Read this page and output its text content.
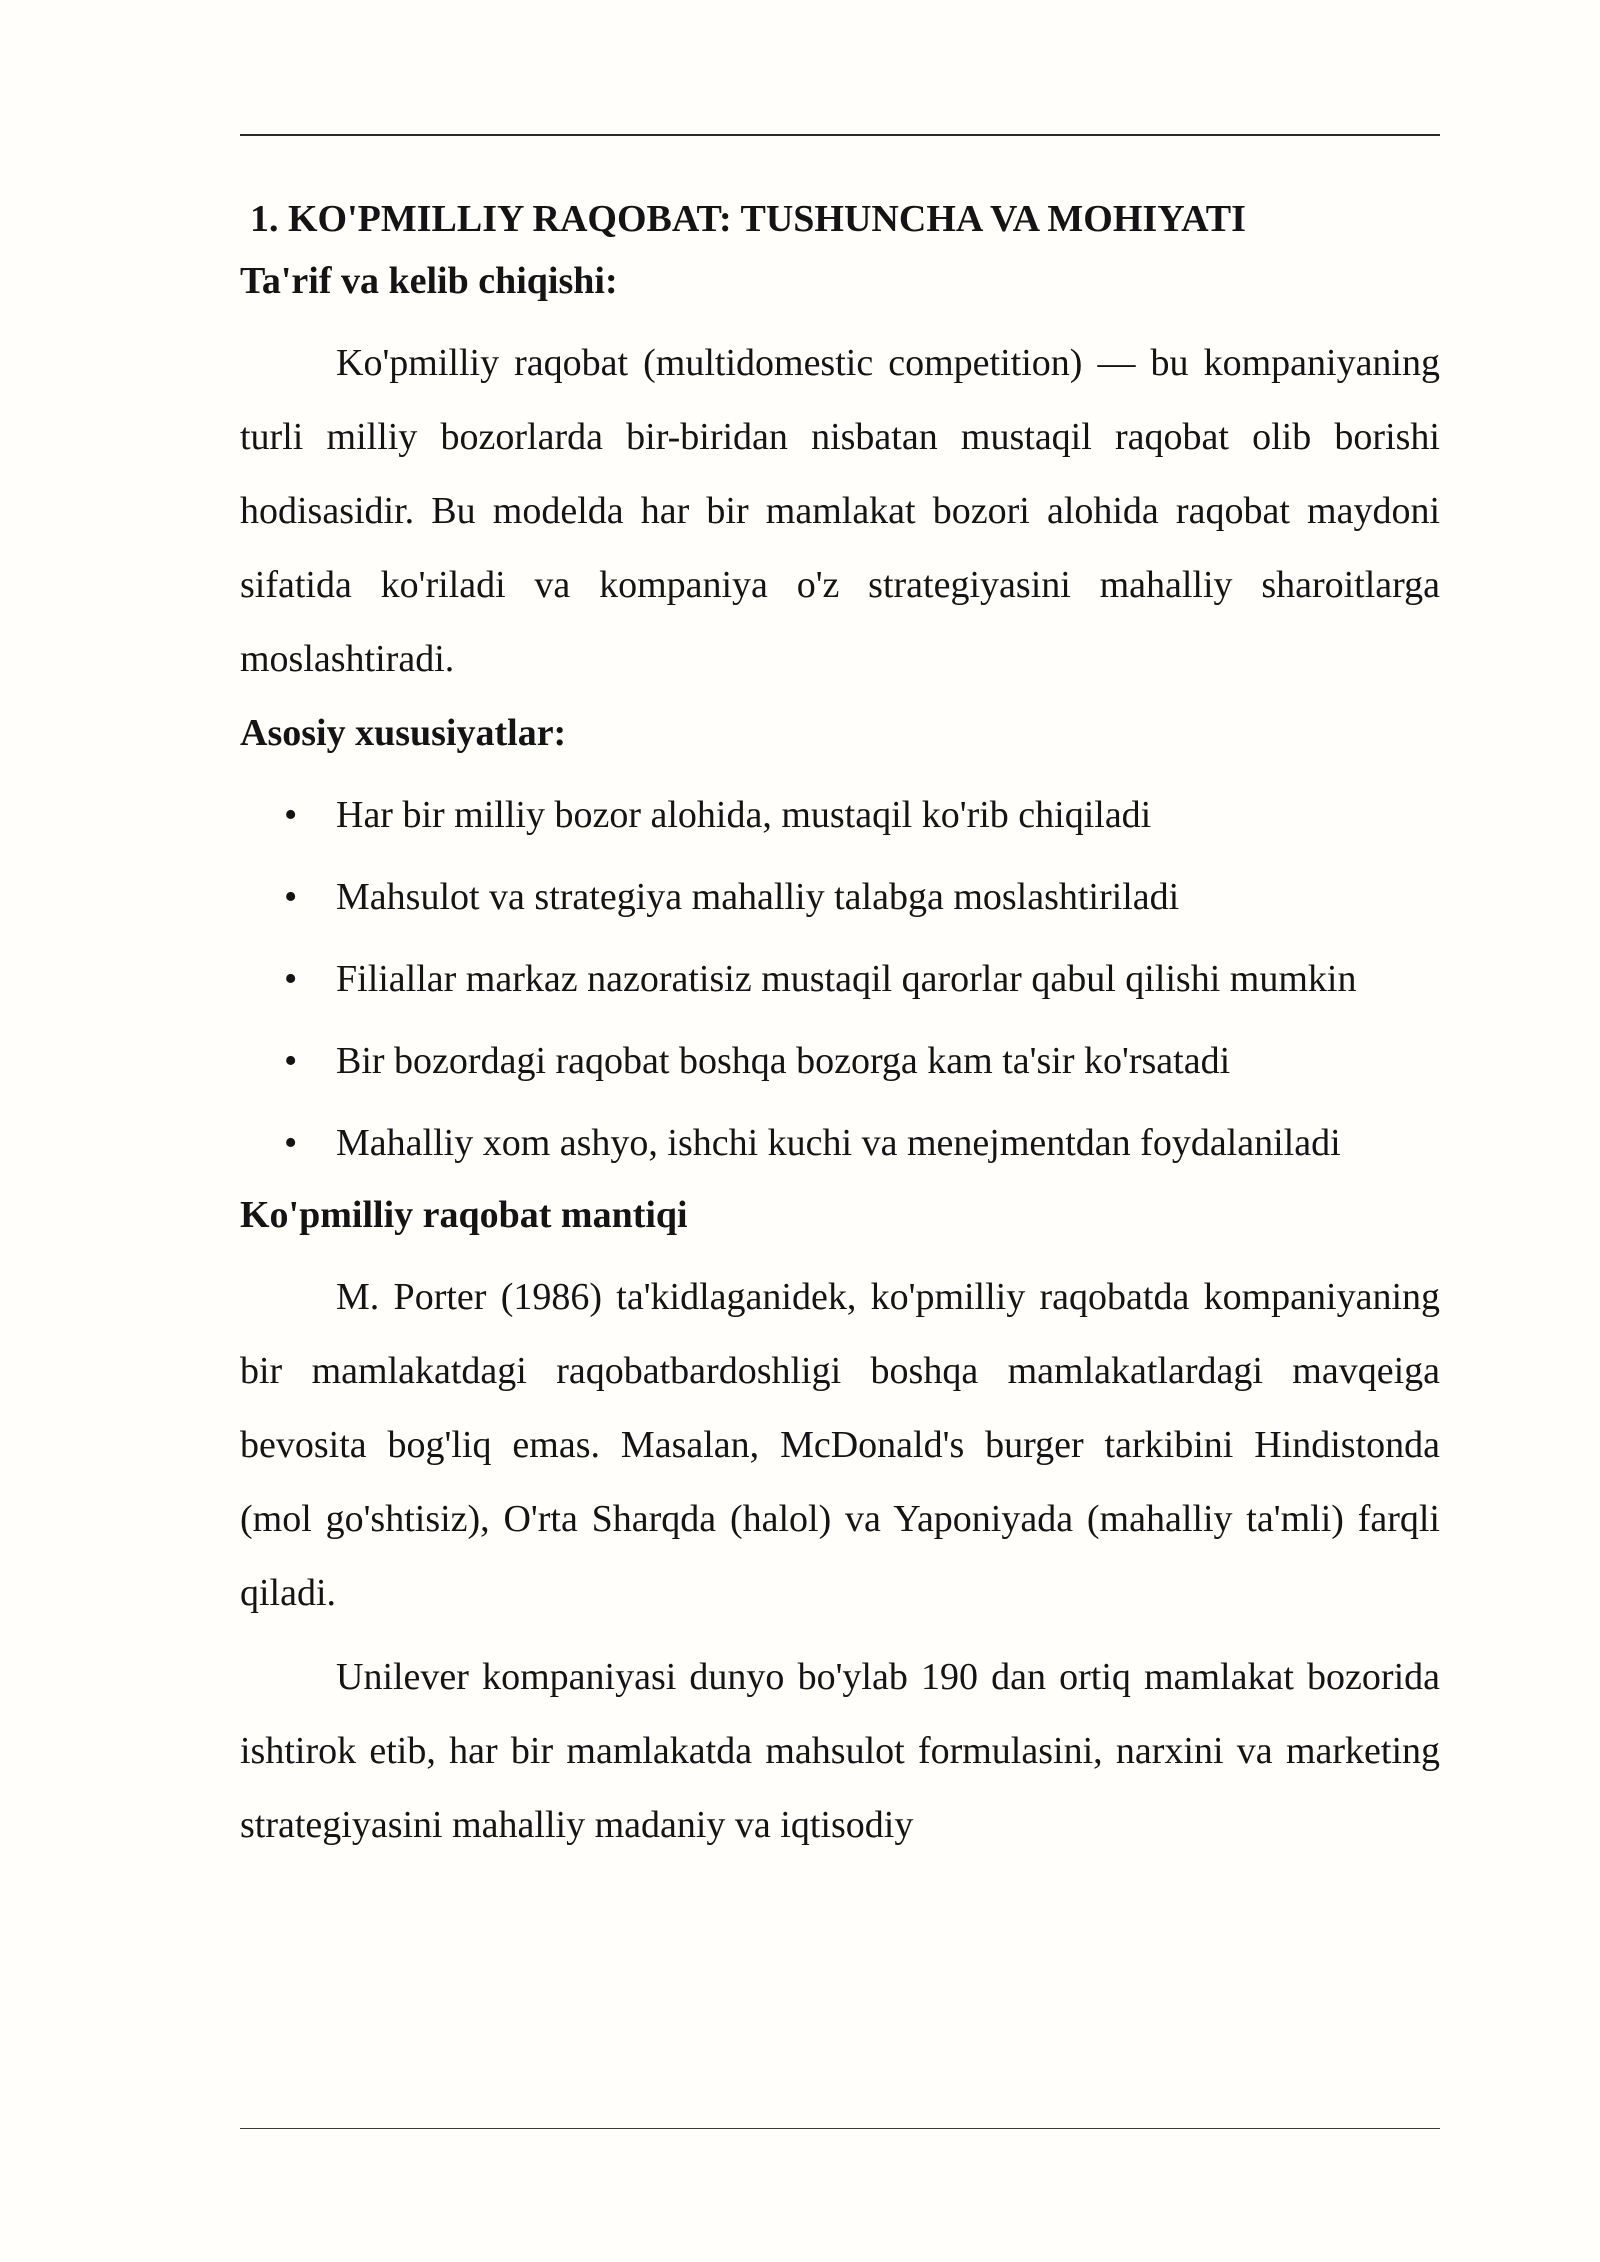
1. KO'PMILLIY RAQOBAT: TUSHUNCHA VA MOHIYATI
Ta'rif va kelib chiqishi:

Ko'pmilliy raqobat (multidomestic competition) — bu kompaniyaning turli milliy bozorlarda bir-biridan nisbatan mustaqil raqobat olib borishi hodisasidir. Bu modelda har bir mamlakat bozori alohida raqobat maydoni sifatida ko'riladi va kompaniya o'z strategiyasini mahalliy sharoitlarga moslashtiradi.

Asosiy xususiyatlar:
• Har bir milliy bozor alohida, mustaqil ko'rib chiqiladi
• Mahsulot va strategiya mahalliy talabga moslashtiriladi
• Filiallar markaz nazoratisiz mustaqil qarorlar qabul qilishi mumkin
• Bir bozordagi raqobat boshqa bozorga kam ta'sir ko'rsatadi
• Mahalliy xom ashyo, ishchi kuchi va menejmentdan foydalaniladi
Ko'pmilliy raqobat mantiqi

M. Porter (1986) ta'kidlaganidek, ko'pmilliy raqobatda kompaniyaning bir mamlakatdagi raqobatbardoshligi boshqa mamlakatlardagi mavqeiga bevosita bog'liq emas. Masalan, McDonald's burger tarkibini Hindistonda (mol go'shtisiz), O'rta Sharqda (halol) va Yaponiyada (mahalliy ta'mli) farqli qiladi.

Unilever kompaniyasi dunyo bo'ylab 190 dan ortiq mamlakat bozorida ishtirok etib, har bir mamlakatda mahsulot formulasini, narxini va marketing strategiyasini mahalliy madaniy va iqtisodiy
